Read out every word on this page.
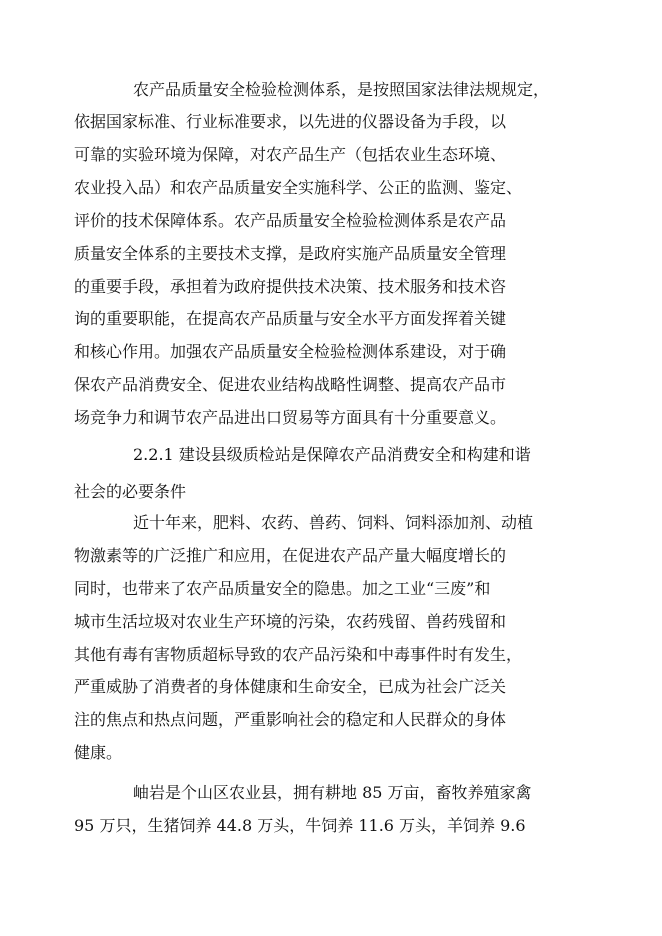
农产品质量安全检验检测体系，是按照国家法律法规规定，
依据国家标准、行业标准要求，以先进的仪器设备为手段，以
可靠的实验环境为保障，对农产品生产（包括农业生态环境、
农业投入品）和农产品质量安全实施科学、公正的监测、鉴定、
评价的技术保障体系。农产品质量安全检验检测体系是农产品
质量安全体系的主要技术支撑，是政府实施产品质量安全管理
的重要手段，承担着为政府提供技术决策、技术服务和技术咨
询的重要职能，在提高农产品质量与安全水平方面发挥着关键
和核心作用。加强农产品质量安全检验检测体系建设，对于确
保农产品消费安全、促进农业结构战略性调整、提高农产品市
场竞争力和调节农产品进出口贸易等方面具有十分重要意义。
2.2.1 建设县级质检站是保障农产品消费安全和构建和谐
社会的必要条件
近十年来，肥料、农药、兽药、饲料、饲料添加剂、动植
物激素等的广泛推广和应用，在促进农产品产量大幅度增长的
同时，也带来了农产品质量安全的隐患。加之工业“三废”和
城市生活垃圾对农业生产环境的污染，农药残留、兽药残留和
其他有毒有害物质超标导致的农产品污染和中毒事件时有发生，
严重威胁了消费者的身体健康和生命安全，已成为社会广泛关
注的焦点和热点问题，严重影响社会的稳定和人民群众的身体
健康。
岫岩是个山区农业县，拥有耕地 85 万亩，畜牧养殖家禽
95 万只，生猪饲养 44.8 万头，牛饲养 11.6 万头，羊饲养 9.6
